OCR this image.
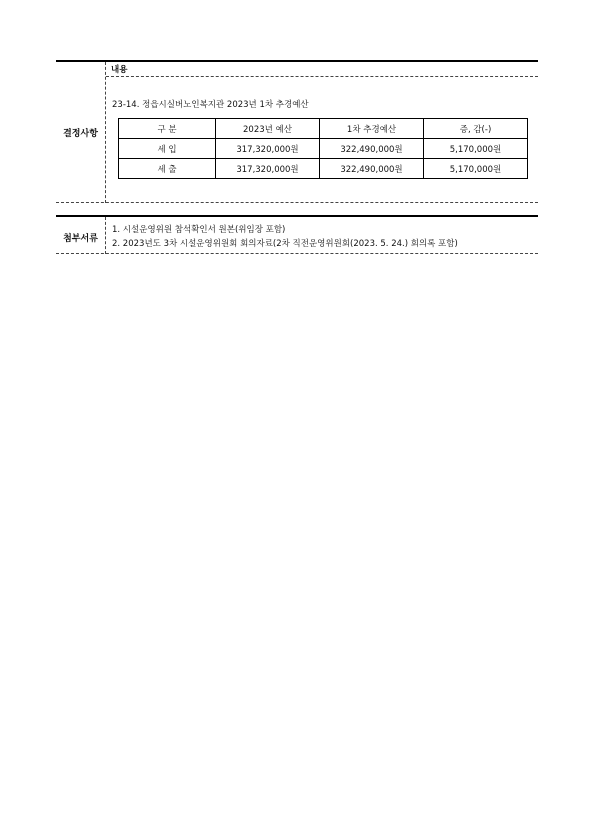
결정사항
내용
23-14. 정읍시실버노인복지관 2023년 1차 추경예산
구 분	2023년 예산	1차 추경예산	증, 감(-)
세 입	317,320,000원	322,490,000원	5,170,000원
세 출	317,320,000원	322,490,000원	5,170,000원
첨부서류
1. 시설운영위원 참석확인서 원본(위임장 포함)
2. 2023년도 3차 시설운영위원회 회의자료(2차 직전운영위원회(2023. 5. 24.) 회의록 포함)
